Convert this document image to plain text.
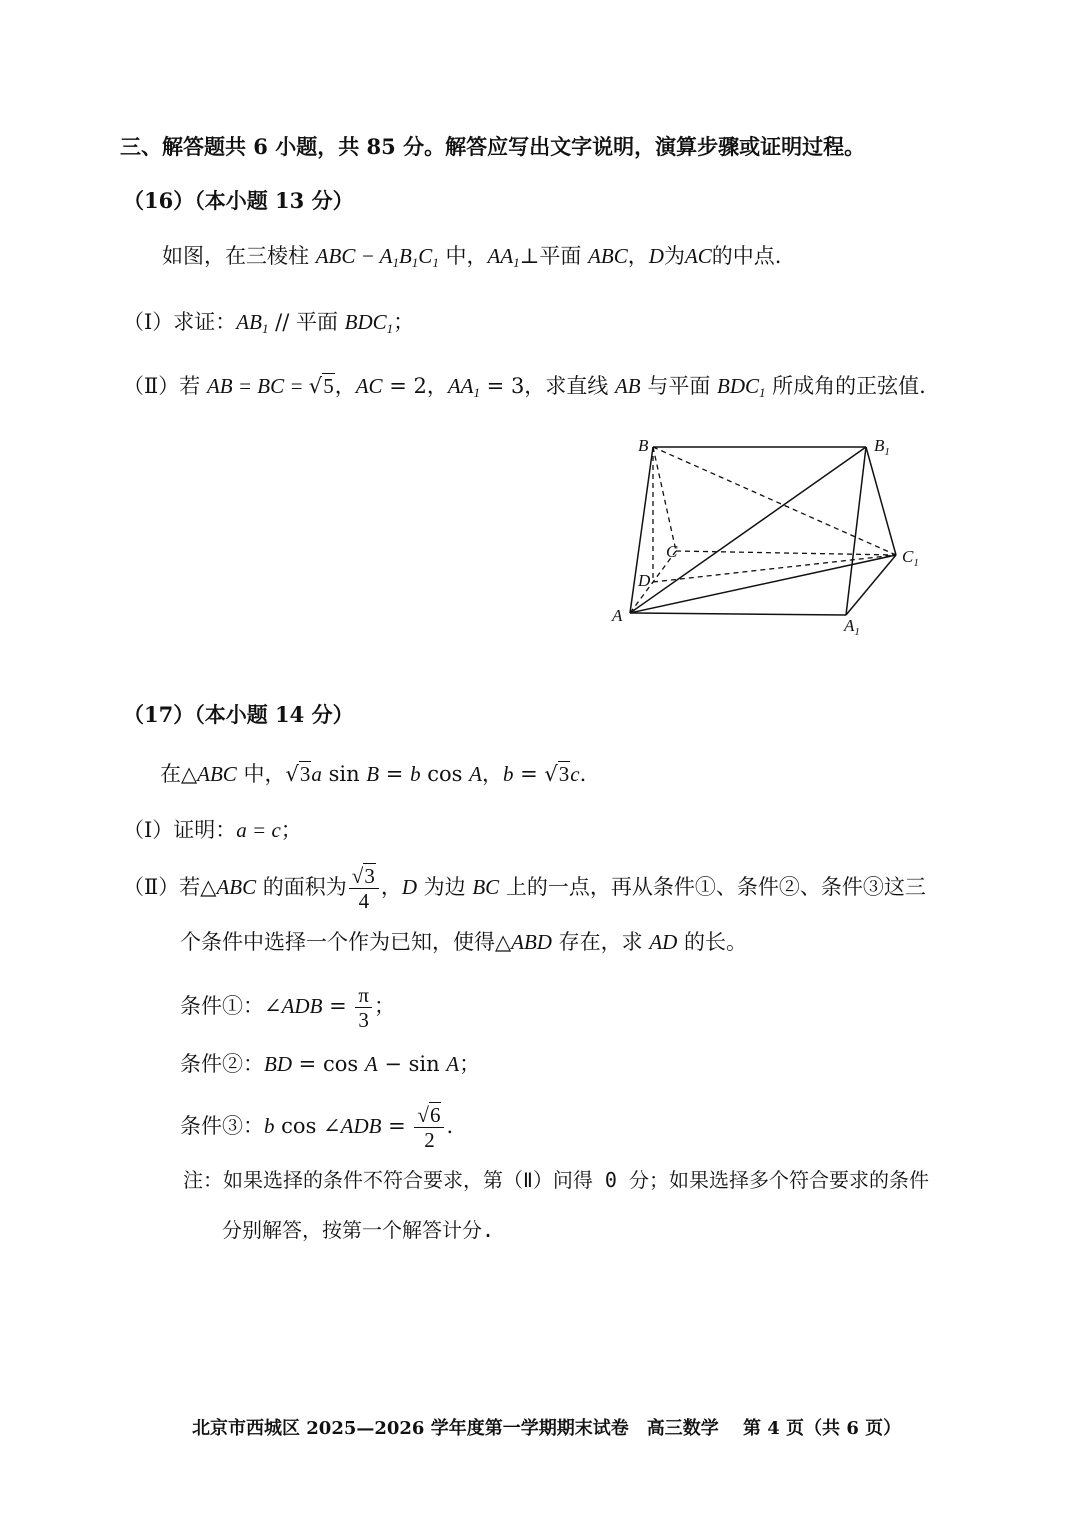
三、解答题共 6 小题，共 85 分。解答应写出文字说明，演算步骤或证明过程。
（16）（本小题 13 分）
如图，在三棱柱 ABC − $A_1B_1C_1$ 中，$AA_1\perp$平面 ABC，D为AC的中点.
（Ⅰ）求证：$AB_1$ // 平面 $BDC_1$；
（Ⅱ）若 AB = BC = √5，AC = 2，$AA_1 = 3$，求直线 AB 与平面 $BDC_1$ 所成角的正弦值.
B	$B_1$
C	$C_1$
D
A
$A_1$
（17）（本小题 14 分）
在△ABC 中，√3a sin B = b cos A，b = √3c.
（Ⅰ）证明：a = c；
（Ⅱ）若△ABC 的面积为 $\frac{√3}{4}$ ，D 为边 BC 上的一点，再从条件①、条件②、条件③这三
个条件中选择一个作为已知，使得△ABD 存在，求 AD 的长。
条件①：∠ADB = $\frac{\pi}{3}$ ；
条件②：BD = cos A − sin A；
条件③：b cos ∠ADB = $\frac{√6}{2}$ .
注：如果选择的条件不符合要求，第（Ⅱ）问得 0 分；如果选择多个符合要求的条件
分别解答，按第一个解答计分.
北京市西城区 2025—2026 学年度第一学期期末试卷　高三数学　 第 4 页（共 6 页）
